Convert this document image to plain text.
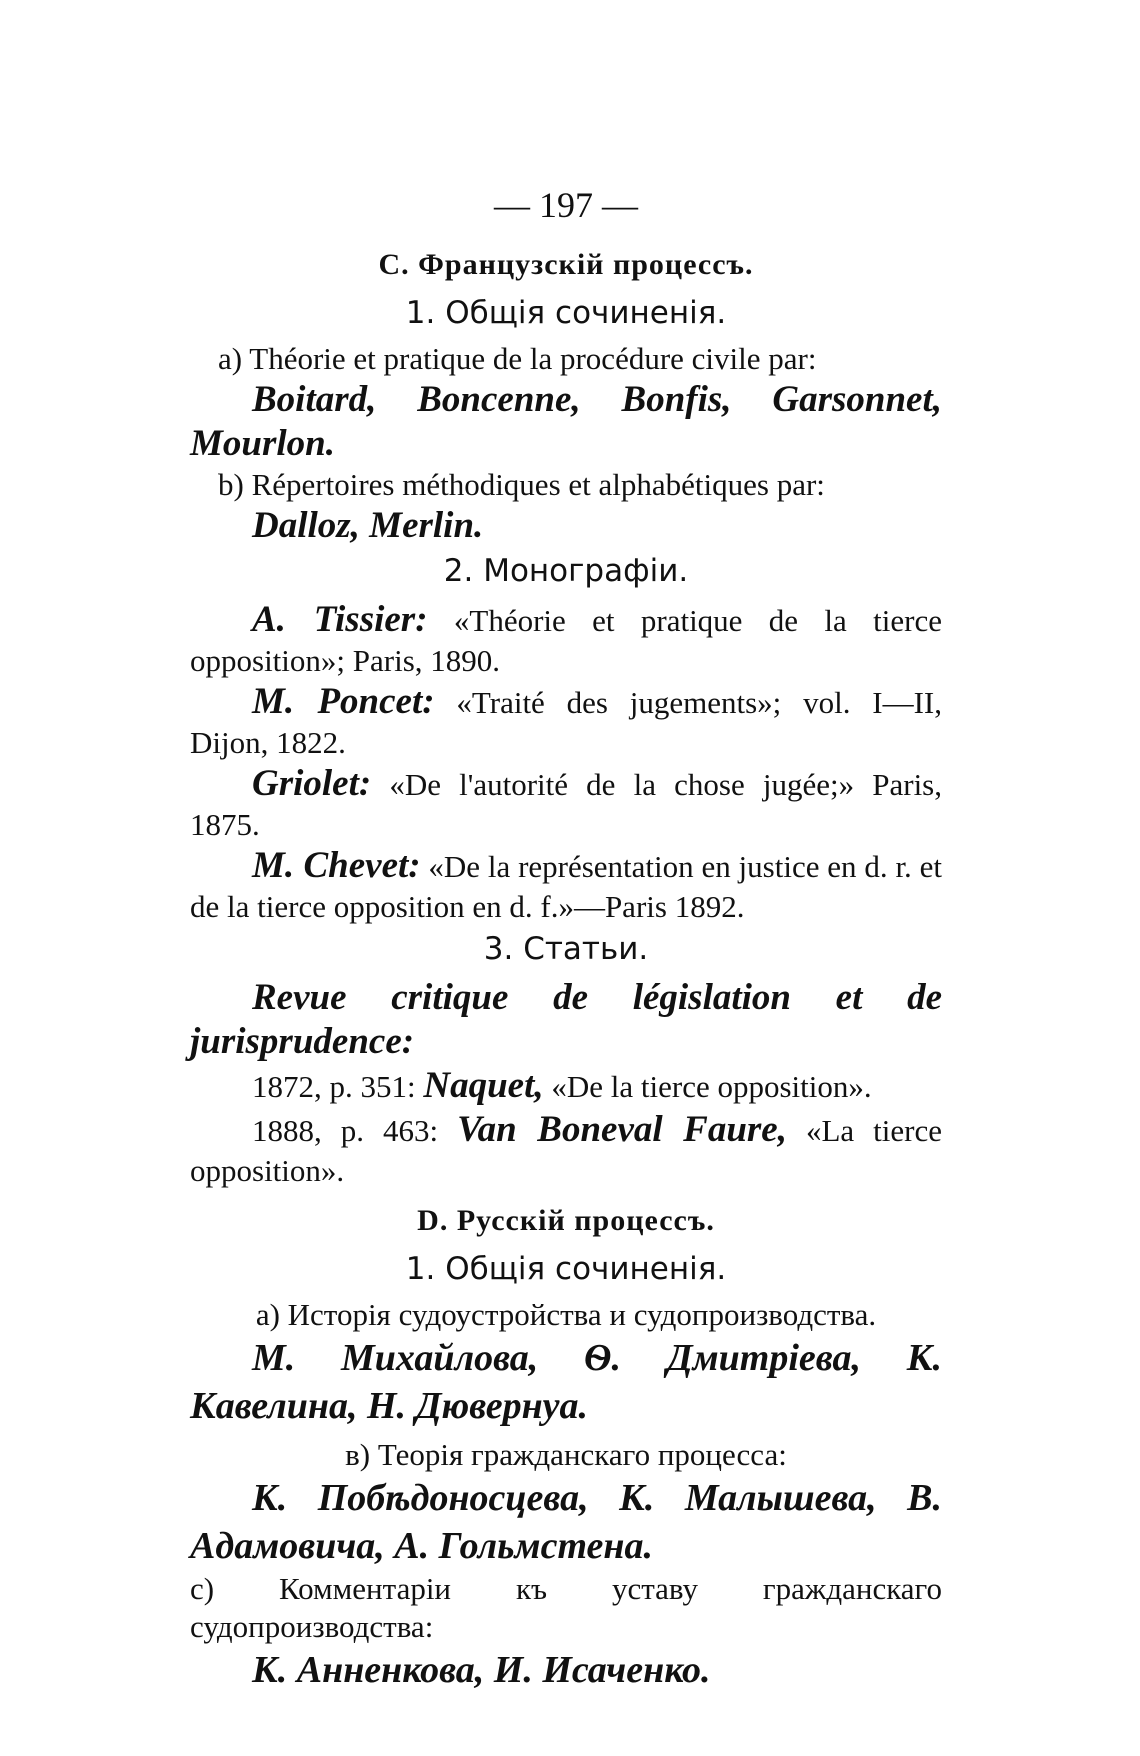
— 197 —
C. Французскiй процессъ.
1. Общiя сочиненiя.

a) Théorie et pratique de la procédure civile par:

Boitard, Boncenne, Bonfis, Garsonnet, Mourlon.

b) Répertoires méthodiques et alphabétiques par:

Dalloz, Merlin.

2. Монографiи.

A. Tissier: «Théorie et pratique de la tierce opposition»; Paris, 1890.

M. Poncet: «Traité des jugements»; vol. I—II, Dijon, 1822.

Griolet: «De l'autorité de la chose jugée;» Paris, 1875.

M. Chevet: «De la représentation en justice en d. r. et de la tierce opposition en d. f.»—Paris 1892.

3. Статьи.

Revue critique de législation et de jurisprudence:

1872, p. 351: Naquet, «De la tierce opposition».

1888, p. 463: Van Boneval Faure, «La tierce opposition».

D. Русскiй процессъ.
1. Общiя сочиненiя.

a) Исторiя судоустройства и судопроизводства.

М. Михайлова, Ѳ. Дмитрiева, К. Кавелина, Н. Дювернуа.

в) Теорiя гражданскаго процесса:

К. Побѣдоносцева, К. Малышева, В. Адамовича, А. Гольмстена.

c) Комментарiи къ уставу гражданскаго судопроизводства:

К. Анненкова, И. Исаченко.
